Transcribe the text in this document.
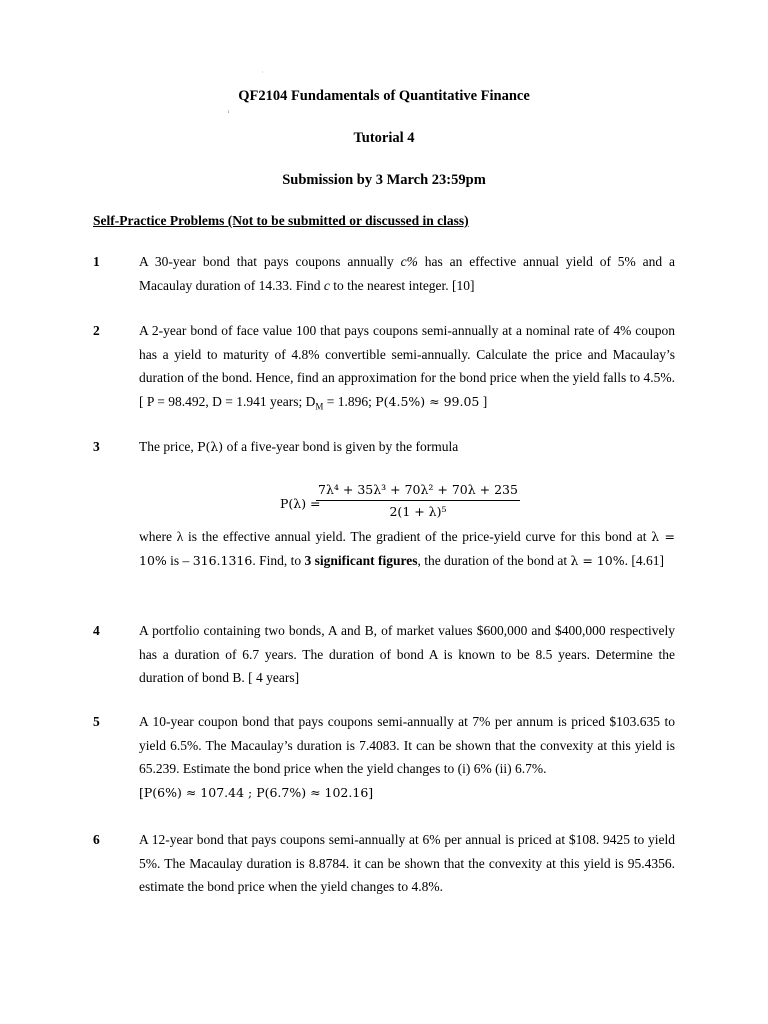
'
ı
QF2104 Fundamentals of Quantitative Finance
Tutorial 4
Submission by 3 March 23:59pm
Self-Practice Problems (Not to be submitted or discussed in class)
1	A 30-year bond that pays coupons annually c% has an effective annual yield of 5% and a Macaulay duration of 14.33. Find c to the nearest integer. [10]

2	A 2-year bond of face value 100 that pays coupons semi-annually at a nominal rate of 4% coupon has a yield to maturity of 4.8% convertible semi-annually. Calculate the price and Macaulay’s duration of the bond. Hence, find an approximation for the bond price when the yield falls to 4.5%. [ P = 98.492, D = 1.941 years; $D_M = 1.896$; P(4.5%) ≈ 99.05 ]

3	The price, P(λ) of a five-year bond is given by the formula

P(λ) =
$\frac{\text{7λ⁴ + 35λ³ + 70λ² + 70λ + 235}}{\text{2(1 + λ)⁵}}$

where λ is the effective annual yield. The gradient of the price-yield curve for this bond at λ = 10% is – 316.1316. Find, to 3 significant figures, the duration of the bond at λ = 10%. [4.61]

4	A portfolio containing two bonds, A and B, of market values $600,000 and $400,000 respectively has a duration of 6.7 years. The duration of bond A is known to be 8.5 years. Determine the duration of bond B. [ 4 years]

5	A 10-year coupon bond that pays coupons semi-annually at 7% per annum is priced $103.635 to yield 6.5%. The Macaulay’s duration is 7.4083. It can be shown that the convexity at this yield is 65.239. Estimate the bond price when the yield changes to (i) 6% (ii) 6.7%.

[P(6%) ≈ 107.44 ; P(6.7%) ≈ 102.16]

6	A 12-year bond that pays coupons semi-annually at 6% per annual is priced at $108. 9425 to yield 5%. The Macaulay duration is 8.8784. it can be shown that the convexity at this yield is 95.4356. estimate the bond price when the yield changes to 4.8%.
